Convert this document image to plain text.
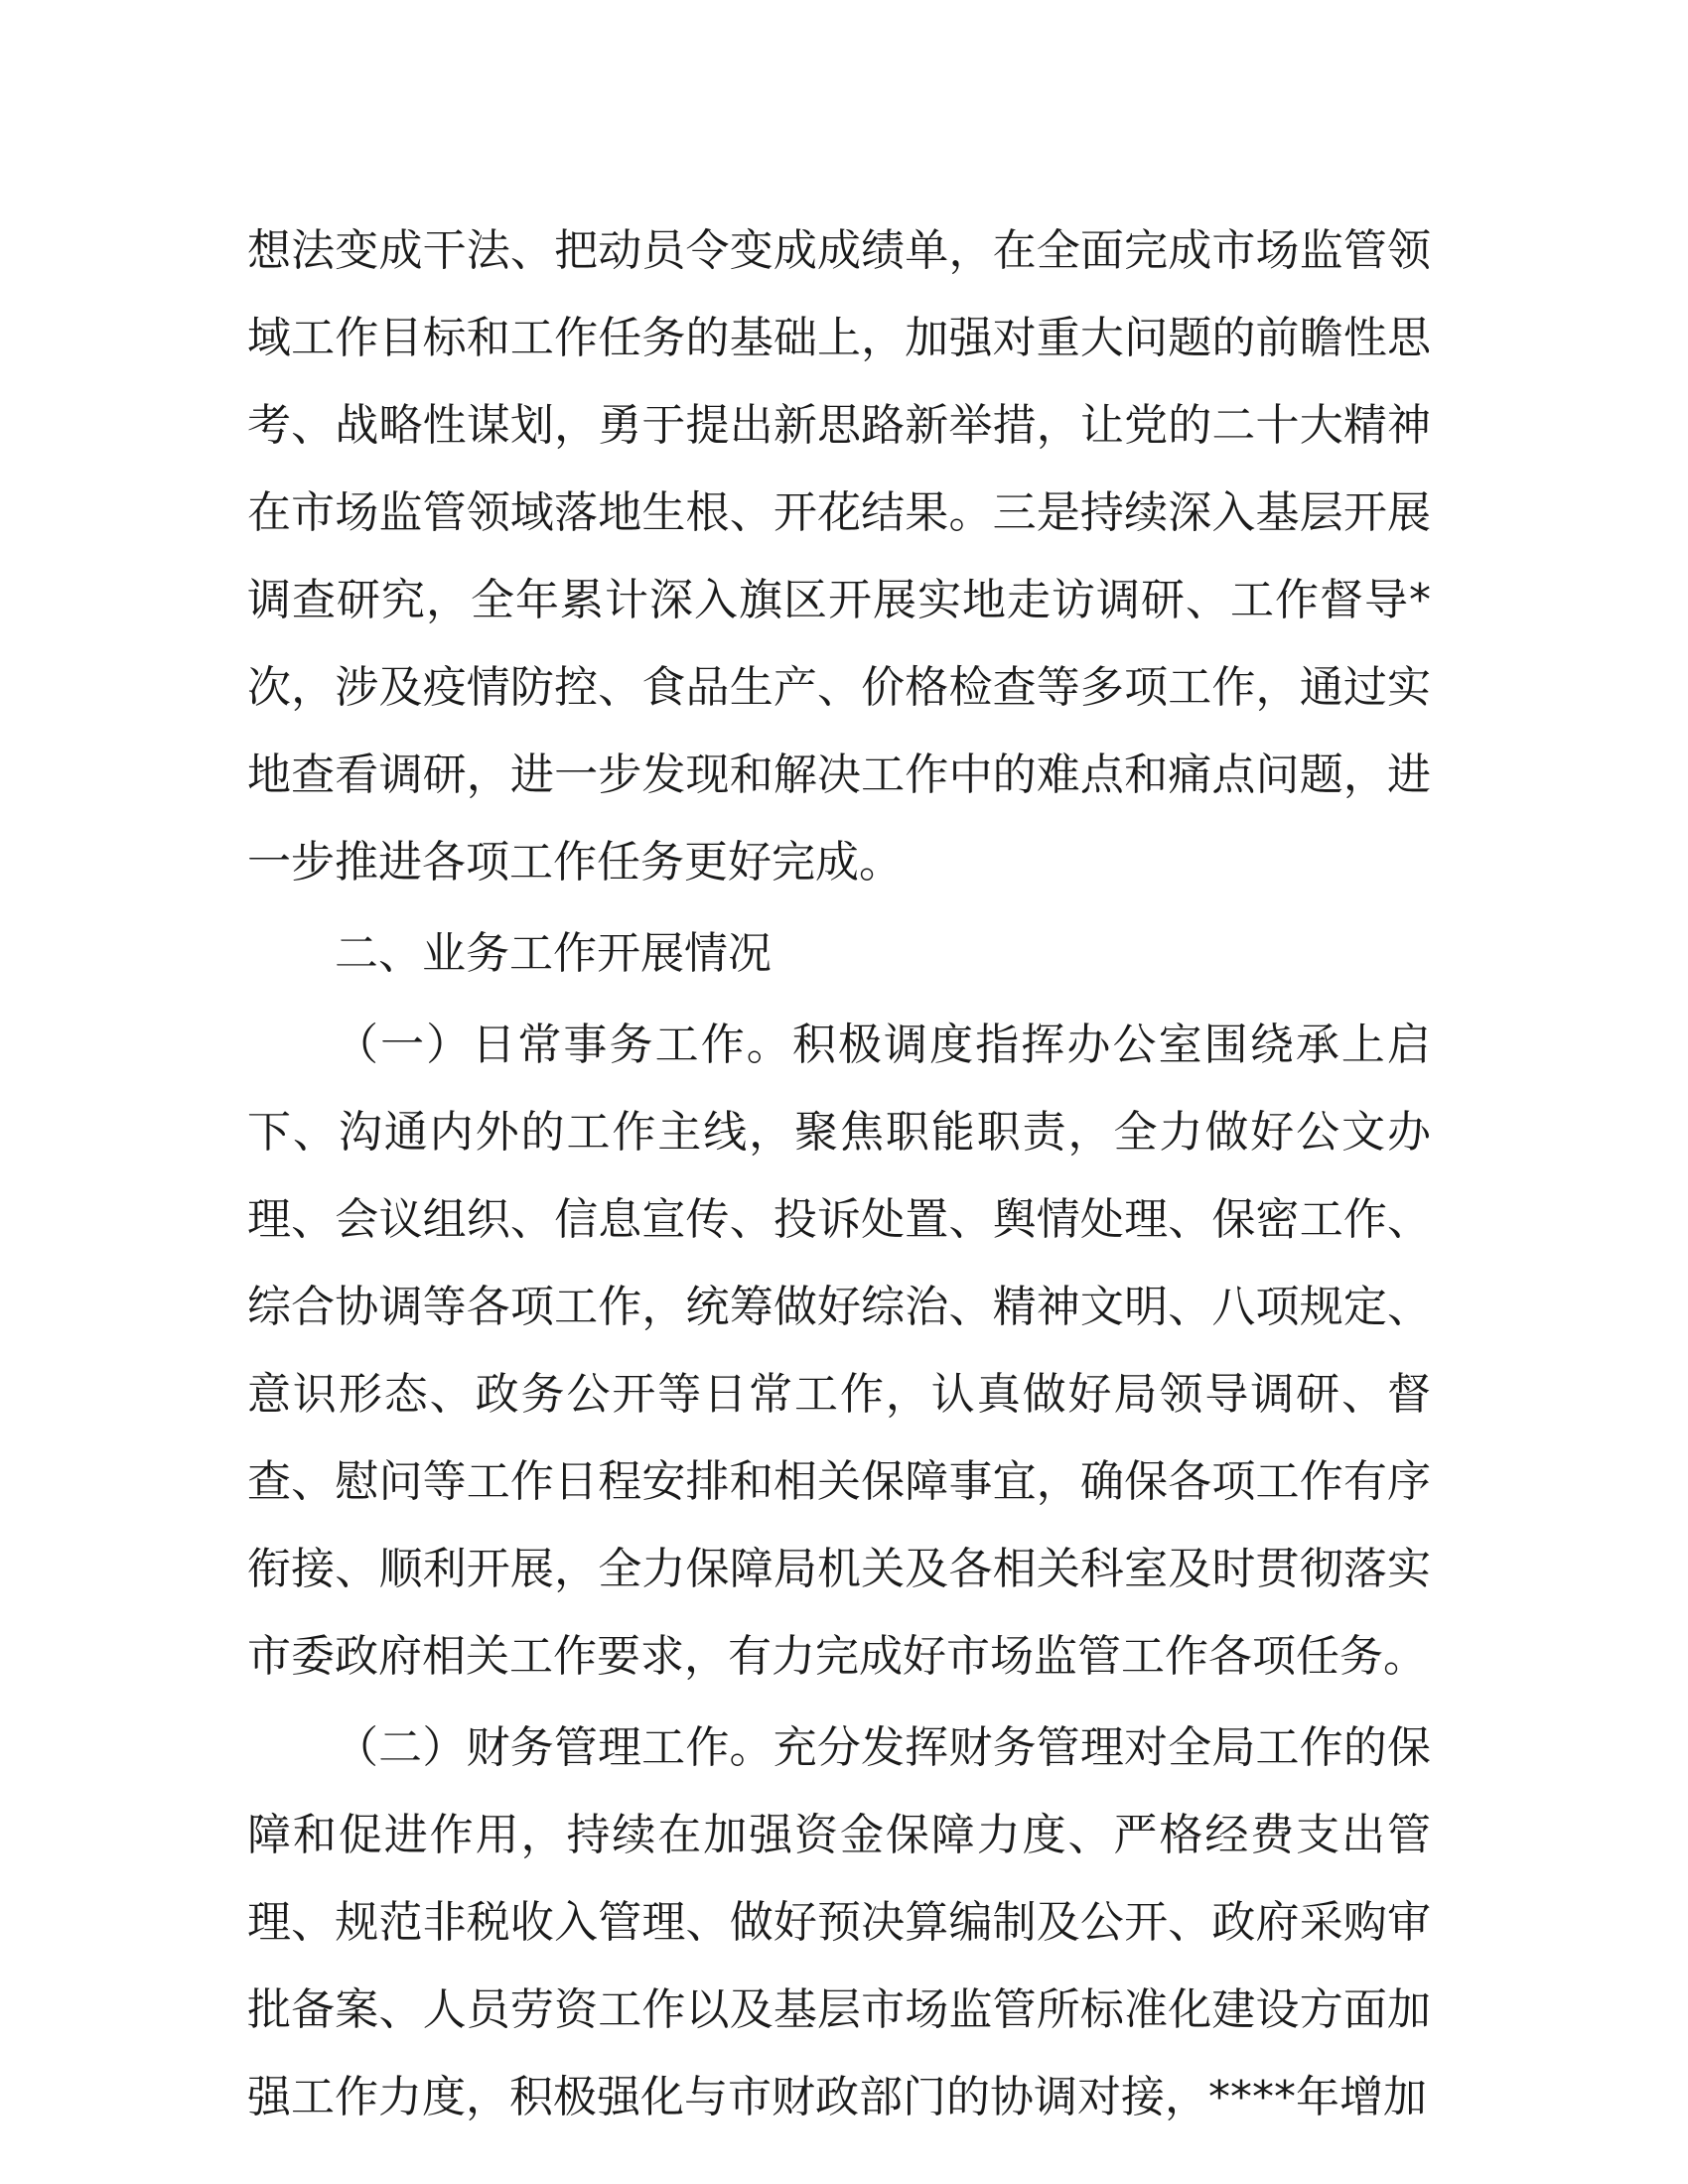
想法变成干法、把动员令变成成绩单，在全面完成市场监管领域工作目标和工作任务的基础上，加强对重大问题的前瞻性思考、战略性谋划，勇于提出新思路新举措，让党的二十大精神在市场监管领域落地生根、开花结果。三是持续深入基层开展调查研究，全年累计深入旗区开展实地走访调研、工作督导*次，涉及疫情防控、食品生产、价格检查等多项工作，通过实地查看调研，进一步发现和解决工作中的难点和痛点问题，进一步推进各项工作任务更好完成。

二、业务工作开展情况

（一）日常事务工作。积极调度指挥办公室围绕承上启下、沟通内外的工作主线，聚焦职能职责，全力做好公文办理、会议组织、信息宣传、投诉处置、舆情处理、保密工作、综合协调等各项工作，统筹做好综治、精神文明、八项规定、意识形态、政务公开等日常工作，认真做好局领导调研、督查、慰问等工作日程安排和相关保障事宜，确保各项工作有序衔接、顺利开展，全力保障局机关及各相关科室及时贯彻落实市委政府相关工作要求，有力完成好市场监管工作各项任务。

（二）财务管理工作。充分发挥财务管理对全局工作的保障和促进作用，持续在加强资金保障力度、严格经费支出管理、规范非税收入管理、做好预决算编制及公开、政府采购审批备案、人员劳资工作以及基层市场监管所标准化建设方面加强工作力度，积极强化与市财政部门的协调对接，****年增加
